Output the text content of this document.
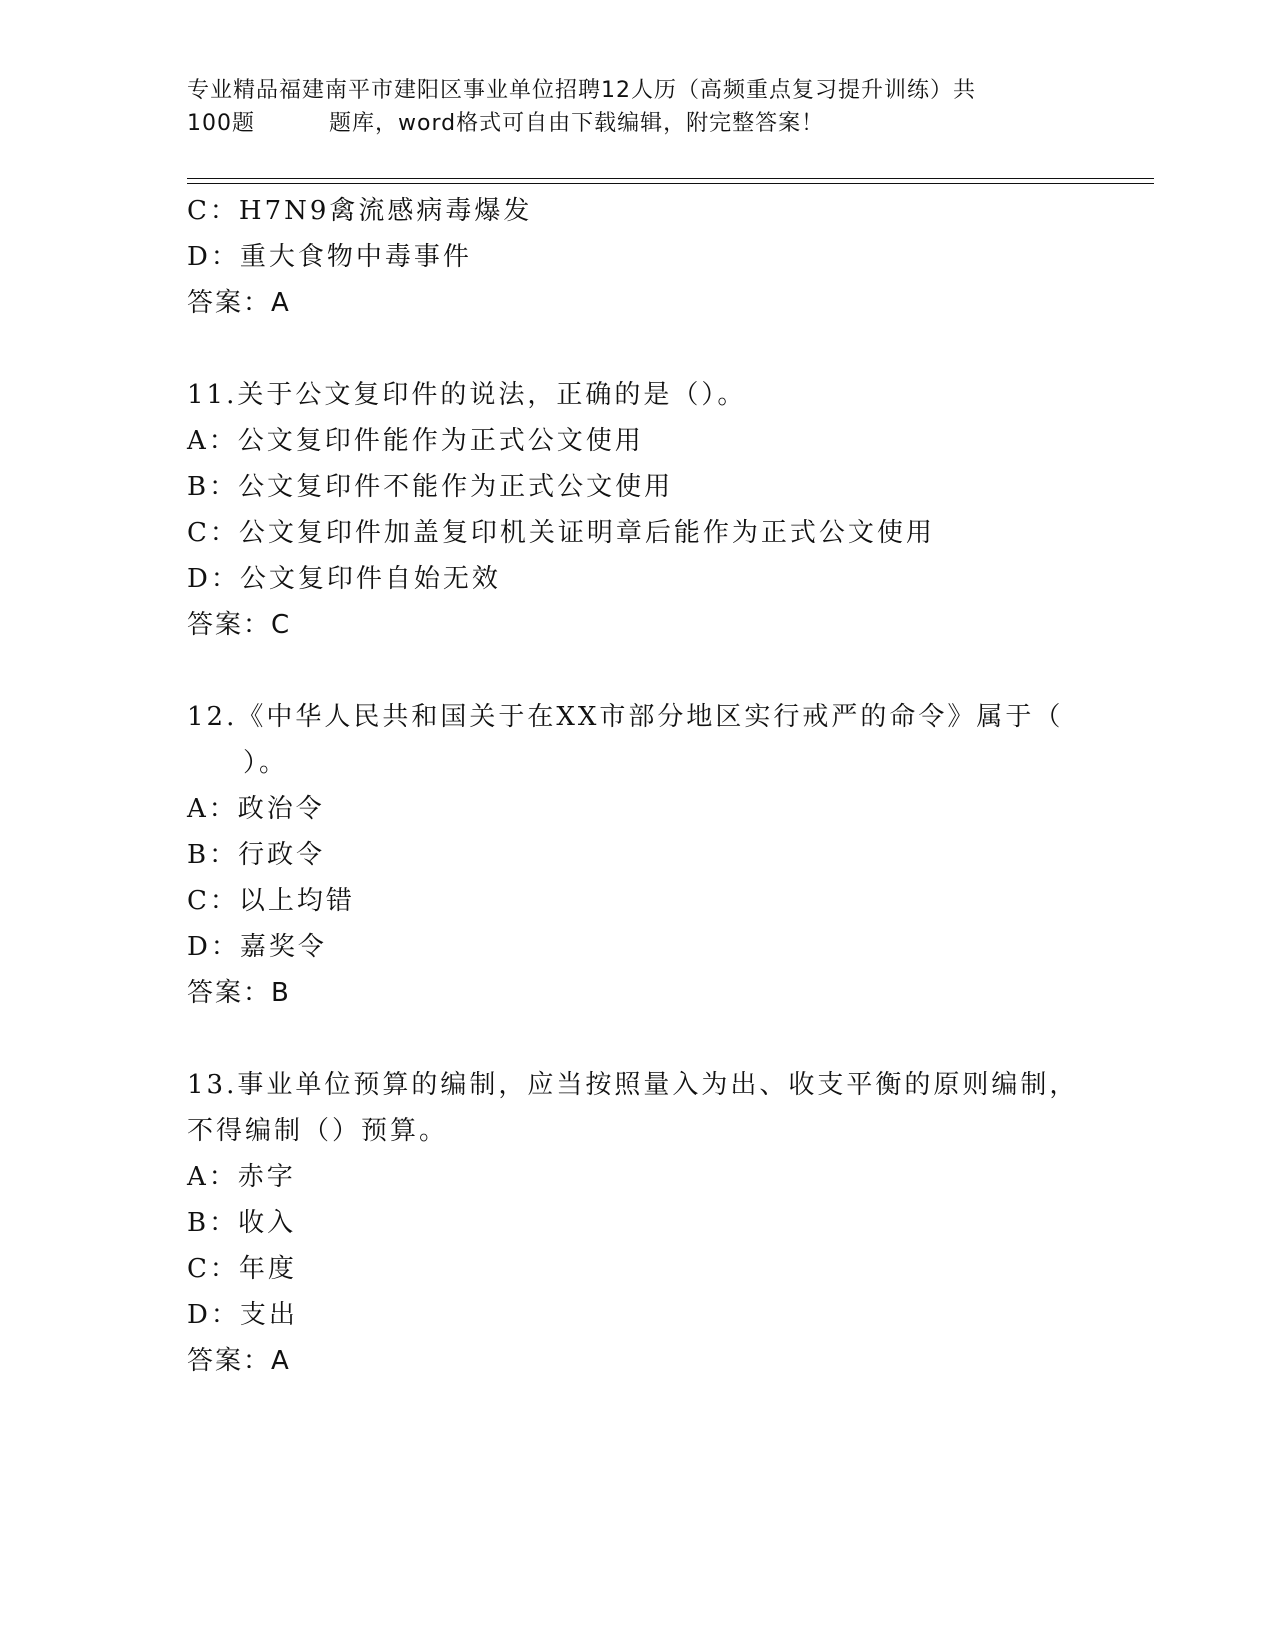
专业精品福建南平市建阳区事业单位招聘12人历（高频重点复习提升训练）共
100题	题库，word格式可自由下载编辑，附完整答案！
C：H7N9禽流感病毒爆发
D：重大食物中毒事件
答案：A
11.关于公文复印件的说法，正确的是（）。
A：公文复印件能作为正式公文使用
B：公文复印件不能作为正式公文使用
C：公文复印件加盖复印机关证明章后能作为正式公文使用
D：公文复印件自始无效
答案：C
12.《中华人民共和国关于在XX市部分地区实行戒严的命令》属于（
）。
A：政治令
B：行政令
C：以上均错
D：嘉奖令
答案：B
13.事业单位预算的编制，应当按照量入为出、收支平衡的原则编制，
不得编制（）预算。
A：赤字
B：收入
C：年度
D：支出
答案：A
